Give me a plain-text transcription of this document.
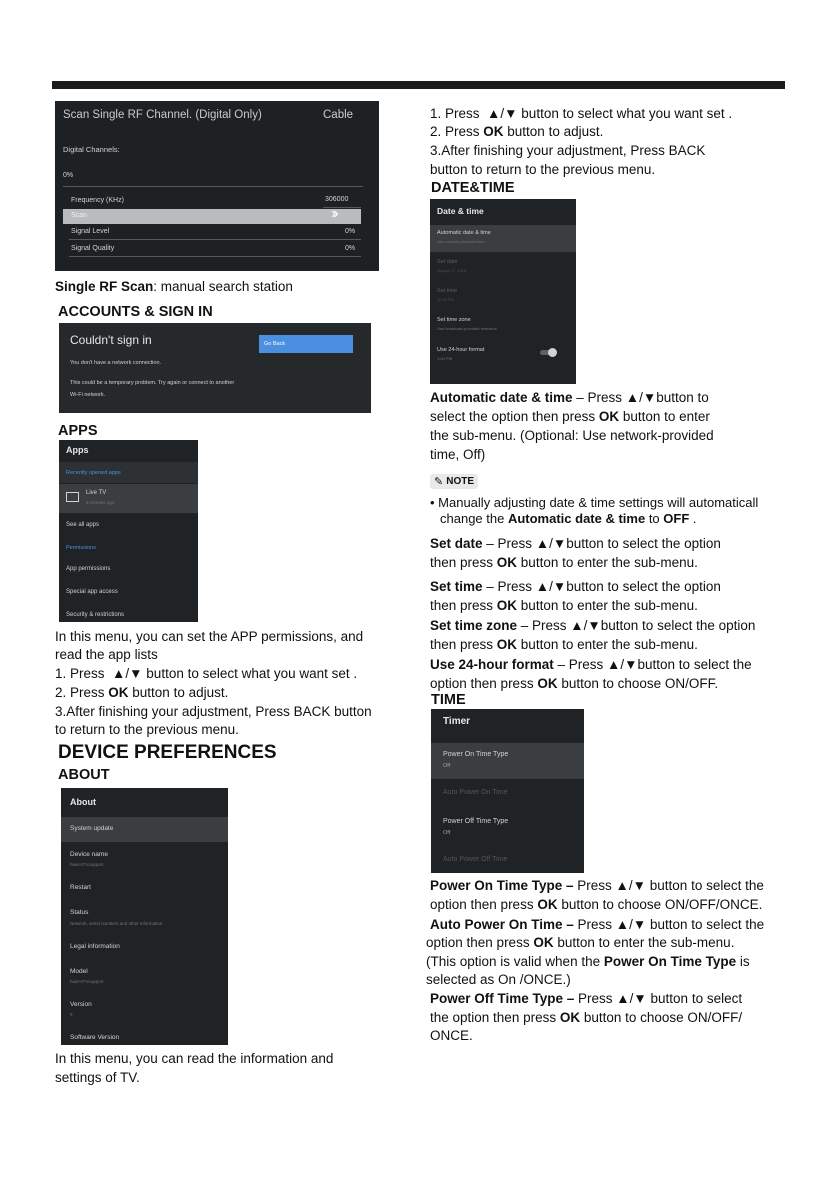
Scan Single RF Channel. (Digital Only)	Cable
Digital Channels:
0%
Frequency (KHz)	306000
Scan	››
Signal Level	0%
Signal Quality	0%
Single RF Scan: manual search station
ACCOUNTS & SIGN IN
Couldn't sign in
You don't have a network connection.
This could be a temporary problem. Try again or connect to another
Wi-Fi network.
Go Back
APPS
Apps
Recently opened apps
Live TV
8 minutes ago
See all apps
Permissions
App permissions
Special app access
Security & restrictions
In this menu, you can set the APP permissions, and
read the app lists
1. Press ▲/▼ button to select what you want set .
2. Press OK button to adjust.
3.After finishing your adjustment, Press BACK button
to return to the previous menu.
DEVICE PREFERENCES
ABOUT
About
System update
Device name
haierATVsupport
Restart
Status
Network, serial numbers and other information
Legal information
Model
haierATVsupport
Version
9
Software Version
In this menu, you can read the information and
settings of TV.
1. Press ▲/▼ button to select what you want set .
2. Press OK button to adjust.
3.After finishing your adjustment, Press BACK
button to return to the previous menu.
DATE&TIME
Date & time
Automatic date & time
Use network-provided time
Set date
August 17, 2018
Set time
11:33 PM
Set time zone
Use broadcast-provided timezone
Use 24-hour format
1:00 PM
Automatic date & time – Press ▲/▼button to
select the option then press OK button to enter
the sub-menu. (Optional: Use network-provided
time, Off)
✎ NOTE
• Manually adjusting date & time settings will automaticall
change the Automatic date & time to OFF .
Set date – Press ▲/▼button to select the option
then press OK button to enter the sub-menu.
Set time – Press ▲/▼button to select the option
then press OK button to enter the sub-menu.
Set time zone – Press ▲/▼button to select the option
then press OK button to enter the sub-menu.
Use 24-hour format – Press ▲/▼button to select the
option then press OK button to choose ON/OFF.
TIME
Timer
Power On Time Type
Off
Auto Power On Time
Power Off Time Type
Off
Auto Power Off Time
Power On Time Type – Press ▲/▼ button to select the
option then press OK button to choose ON/OFF/ONCE.
Auto Power On Time – Press ▲/▼ button to select the
option then press OK button to enter the sub-menu.
(This option is valid when the Power On Time Type is
selected as On /ONCE.)
Power Off Time Type – Press ▲/▼ button to select
the option then press OK button to choose ON/OFF/
ONCE.
